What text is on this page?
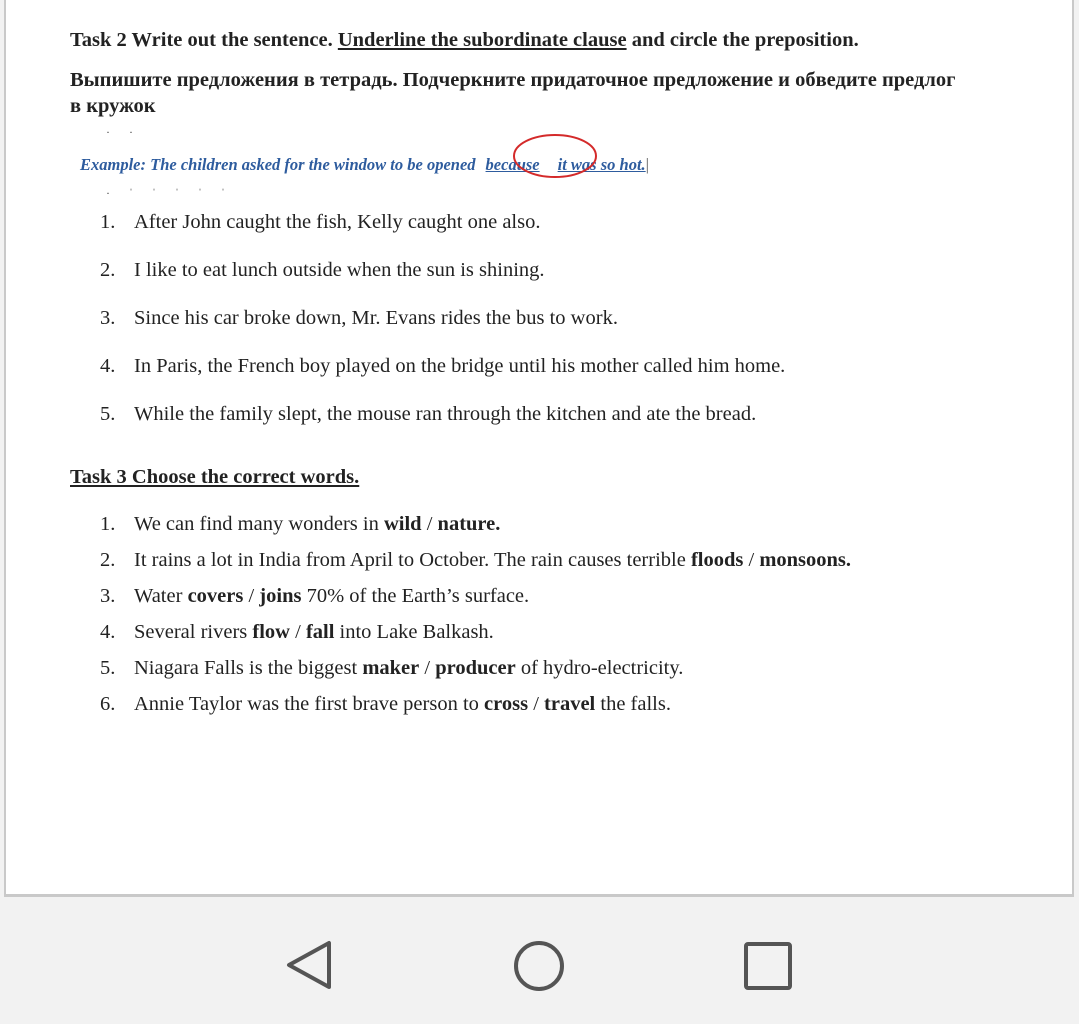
Task 2 Write out the sentence. Underline the subordinate clause and circle the preposition.
Выпишите предложения в тетрадь. Подчеркните придаточное предложение и обведите предлог
в кружок
· ·
Example: The children asked for the window to be opened because it was so hot.|
· ˈ ˈ ˈ ˈ ˈ
1. After John caught the fish, Kelly caught one also.
2. I like to eat lunch outside when the sun is shining.
3. Since his car broke down, Mr. Evans rides the bus to work.
4. In Paris, the French boy played on the bridge until his mother called him home.
5. While the family slept, the mouse ran through the kitchen and ate the bread.
Task 3 Choose the correct words.
1. We can find many wonders in wild / nature.
2. It rains a lot in India from April to October. The rain causes terrible floods / monsoons.
3. Water covers / joins 70% of the Earth’s surface.
4. Several rivers flow / fall into Lake Balkash.
5. Niagara Falls is the biggest maker / producer of hydro-electricity.
6. Annie Taylor was the first brave person to cross / travel the falls.
